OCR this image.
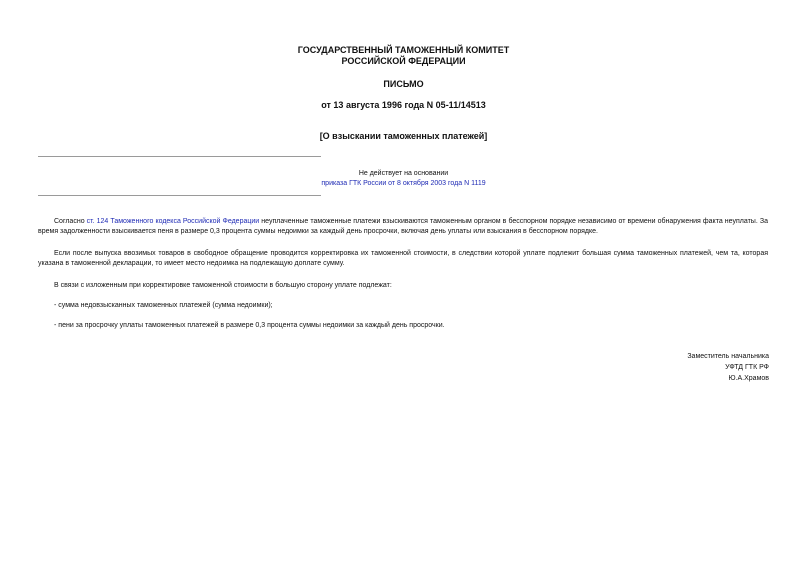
ГОСУДАРСТВЕННЫЙ ТАМОЖЕННЫЙ КОМИТЕТ
РОССИЙСКОЙ ФЕДЕРАЦИИ
ПИСЬМО
от 13 августа 1996 года N 05-11/14513
[О взыскании таможенных платежей]
Не действует на основании
приказа ГТК России от 8 октября 2003 года N 1119

Согласно ст. 124 Таможенного кодекса Российской Федерации неуплаченные таможенные платежи взыскиваются таможенным органом в бесспорном порядке независимо от времени обнаружения факта неуплаты. За время задолженности взыскивается пеня в размере 0,3 процента суммы недоимки за каждый день просрочки, включая день уплаты или взыскания в бесспорном порядке.

Если после выпуска ввозимых товаров в свободное обращение проводится корректировка их таможенной стоимости, в следствии которой уплате подлежит большая сумма таможенных платежей, чем та, которая указана в таможенной декларации, то имеет место недоимка на подлежащую доплате сумму.

В связи с изложенным при корректировке таможенной стоимости в большую сторону уплате подлежат:

- сумма недовзысканных таможенных платежей (сумма недоимки);

- пени за просрочку уплаты таможенных платежей в размере 0,3 процента суммы недоимки за каждый день просрочки.

Заместитель начальника
УФТД ГТК РФ
Ю.А.Храмов
